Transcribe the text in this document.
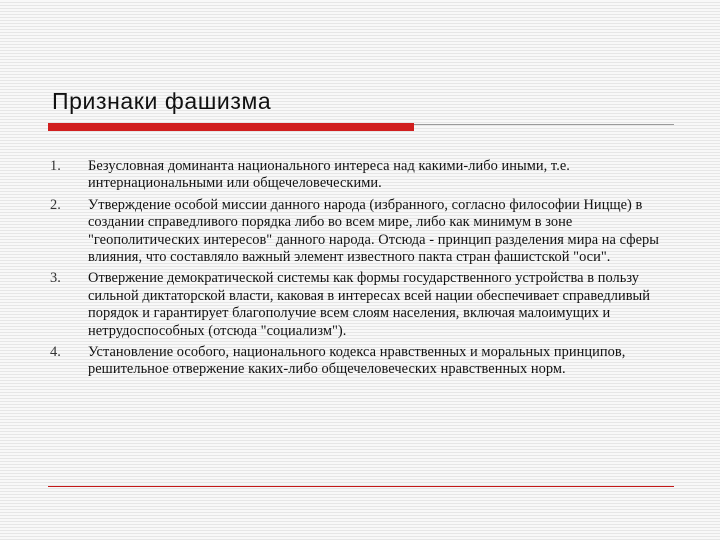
Признаки фашизма
1.	Безусловная доминанта национального интереса над какими-либо иными, т.е. интернациональными или общечеловеческими.
2.	Утверждение особой миссии данного народа (избранного, согласно философии Ницще) в создании справедливого порядка либо во всем мире, либо как минимум в зоне "геополитических интересов" данного народа. Отсюда - принцип разделения мира на сферы влияния, что составляло важный элемент известного пакта стран фашистской "оси".
3.	Отвержение демократической системы как формы государственного устройства в пользу сильной диктаторской власти, каковая в интересах всей нации обеспечивает справедливый порядок и гарантирует благополучие всем слоям населения, включая малоимущих и нетрудоспособных (отсюда "социализм").
4.	Установление особого, национального кодекса нравственных и моральных принципов, решительное отвержение каких-либо общечеловеческих нравственных норм.
